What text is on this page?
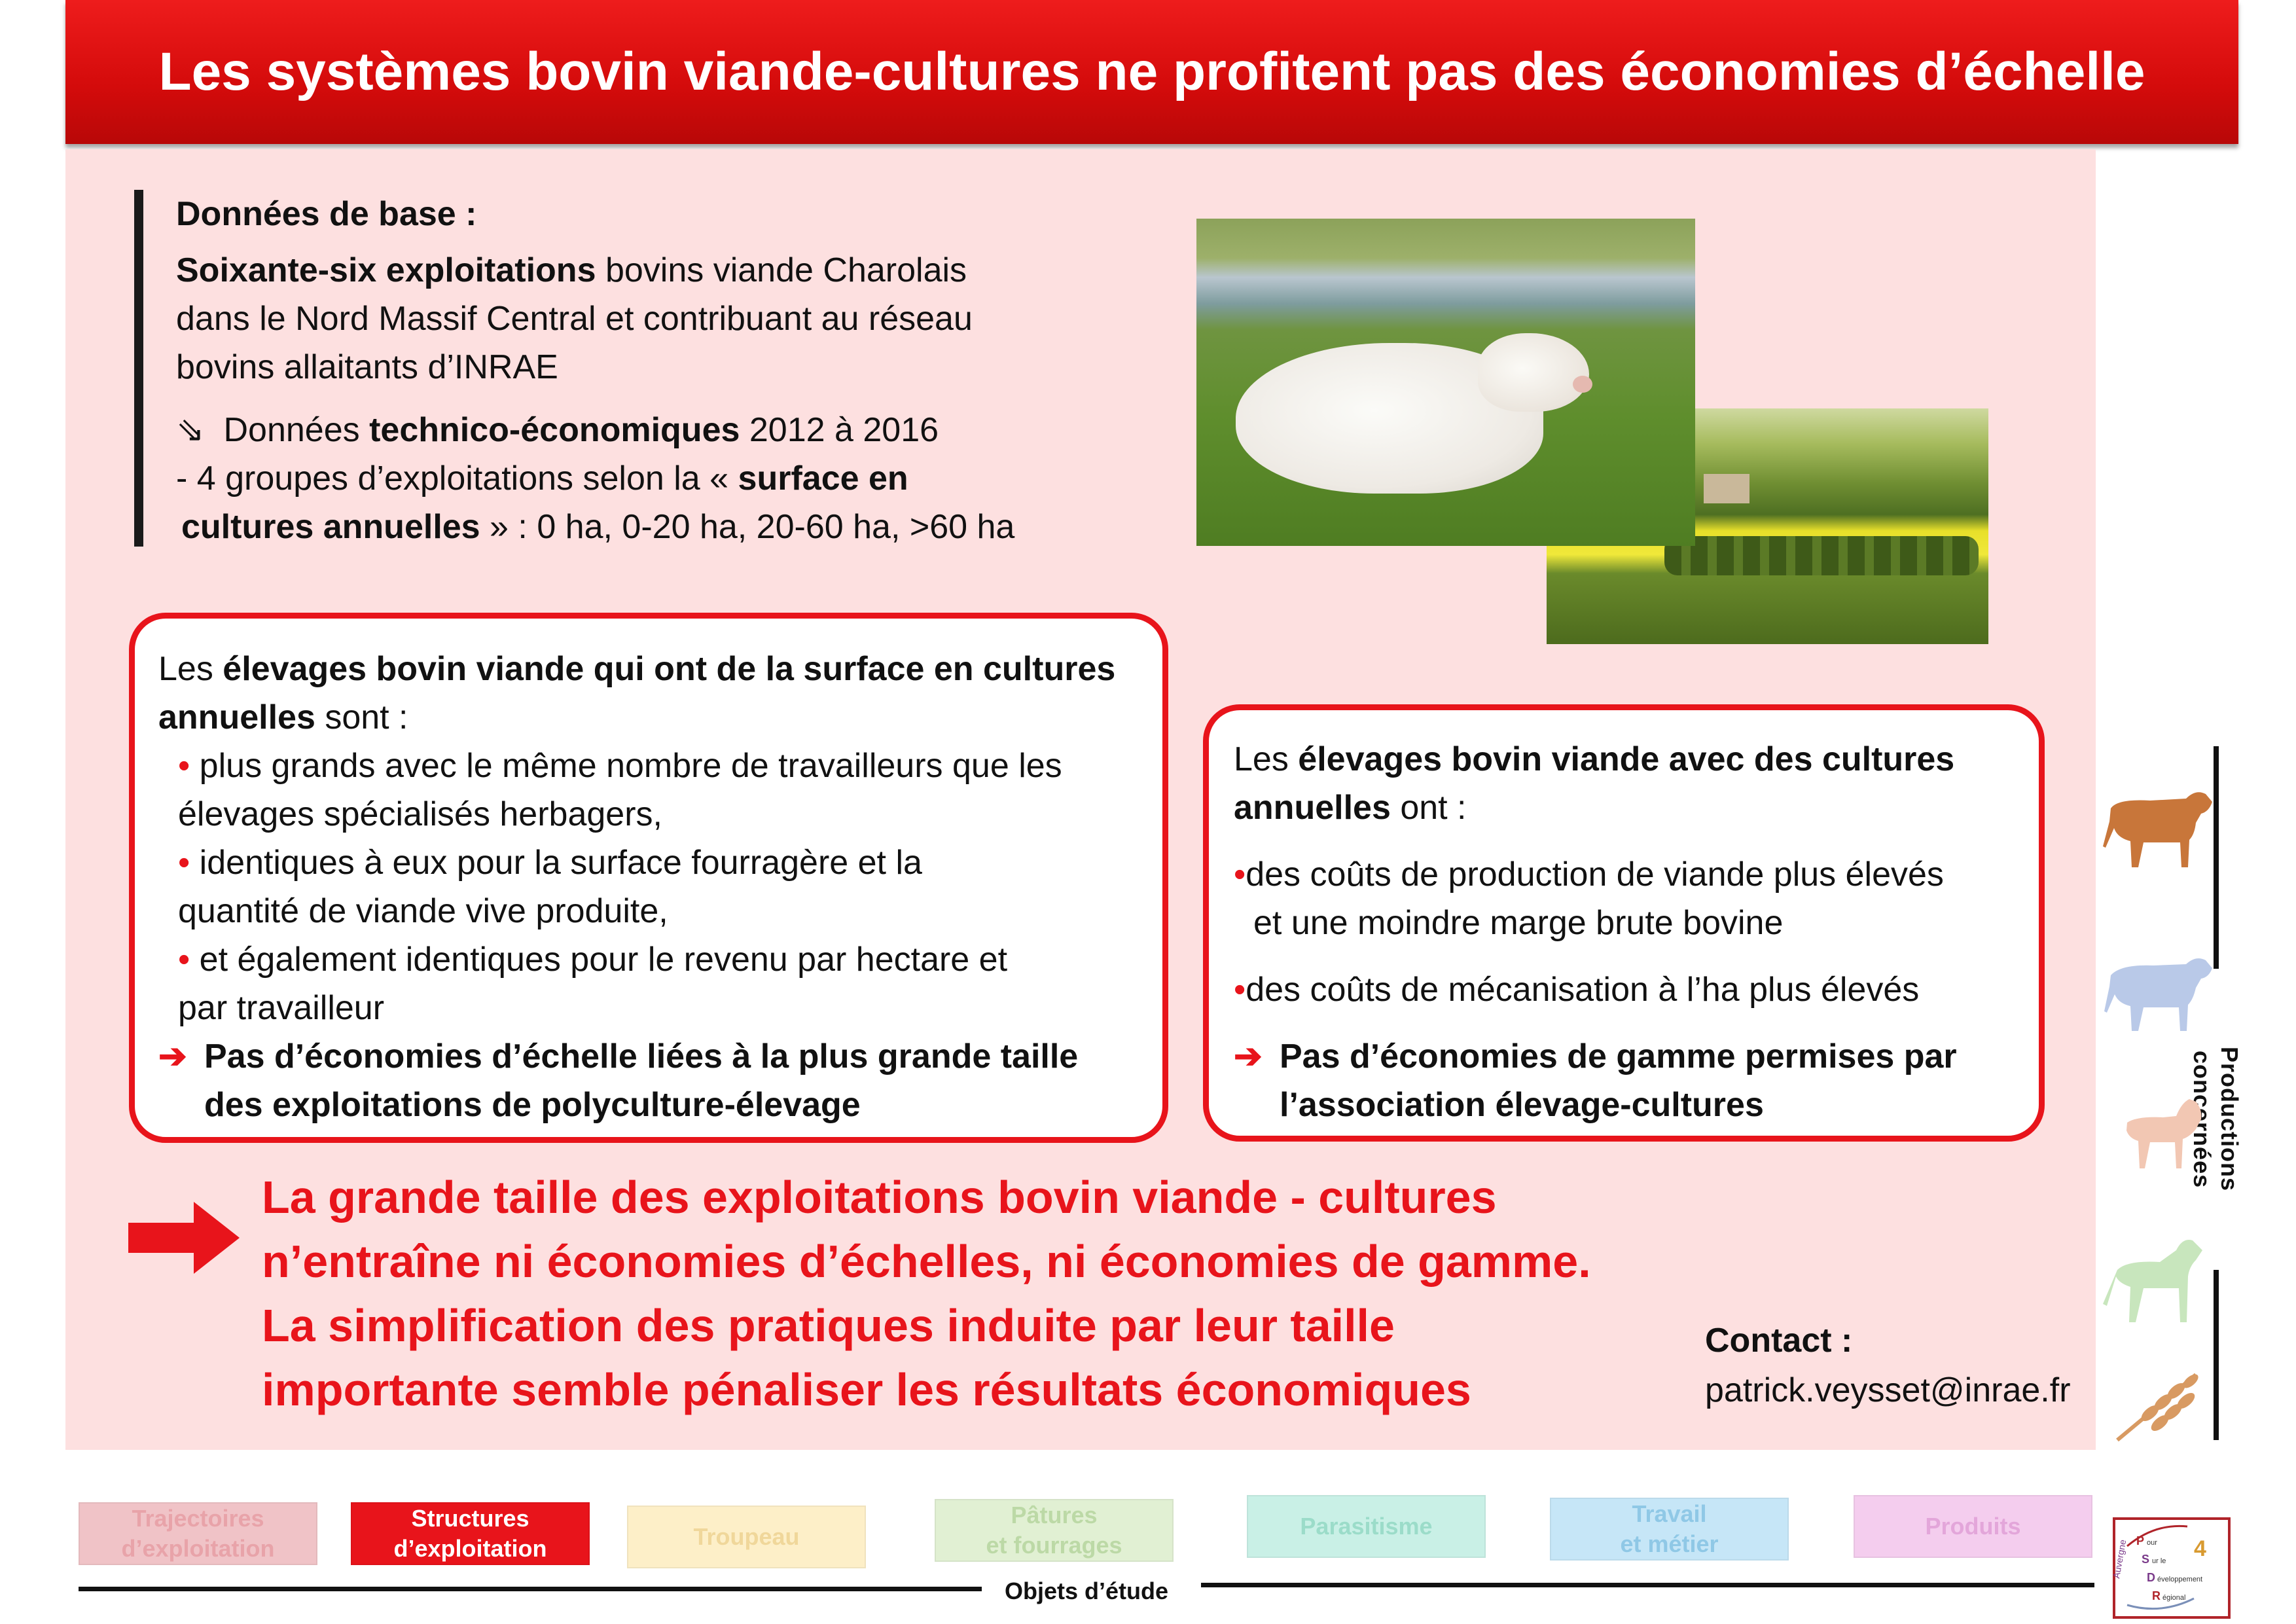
Les systèmes bovin viande-cultures ne profitent pas des économies d’échelle

Données de base :

Soixante-six exploitations bovins viande Charolais

dans le Nord Massif Central et contribuant au réseau

bovins allaitants d’INRAE

⇘ Données technico-économiques 2012 à 2016

- 4 groupes d’exploitations selon la « surface en

cultures annuelles » : 0 ha, 0-20 ha, 20-60 ha, >60 ha

Les élevages bovin viande qui ont de la surface en cultures

annuelles sont :

• plus grands avec le même nombre de travailleurs que les

élevages spécialisés herbagers,

• identiques à eux pour la surface fourragère et la

quantité de viande vive produite,

• et également identiques pour le revenu par hectare et

par travailleur

➔ Pas d’économies d’échelle liées à la plus grande taille

des exploitations de polyculture-élevage

Les élevages bovin viande avec des cultures

annuelles ont :

•des coûts de production de viande plus élevés

et une moindre marge brute bovine

•des coûts de mécanisation à l’ha plus élevés

➔ Pas d’économies de gamme permises par

l’association élevage-cultures

La grande taille des exploitations bovin viande - cultures

n’entraîne ni économies d’échelles, ni économies de gamme.

La simplification des pratiques induite par leur taille

importante semble pénaliser les résultats économiques

Contact :

patrick.veysset@inrae.fr

Productions concernées
Trajectoires
d’exploitation
Structures
d’exploitation	Troupeau
Pâtures
et fourrages
Parasitisme	Travail
et métier
Produits
Objets d’étude
Auvergne P our
S ur le
D éveloppement
R égional
4
